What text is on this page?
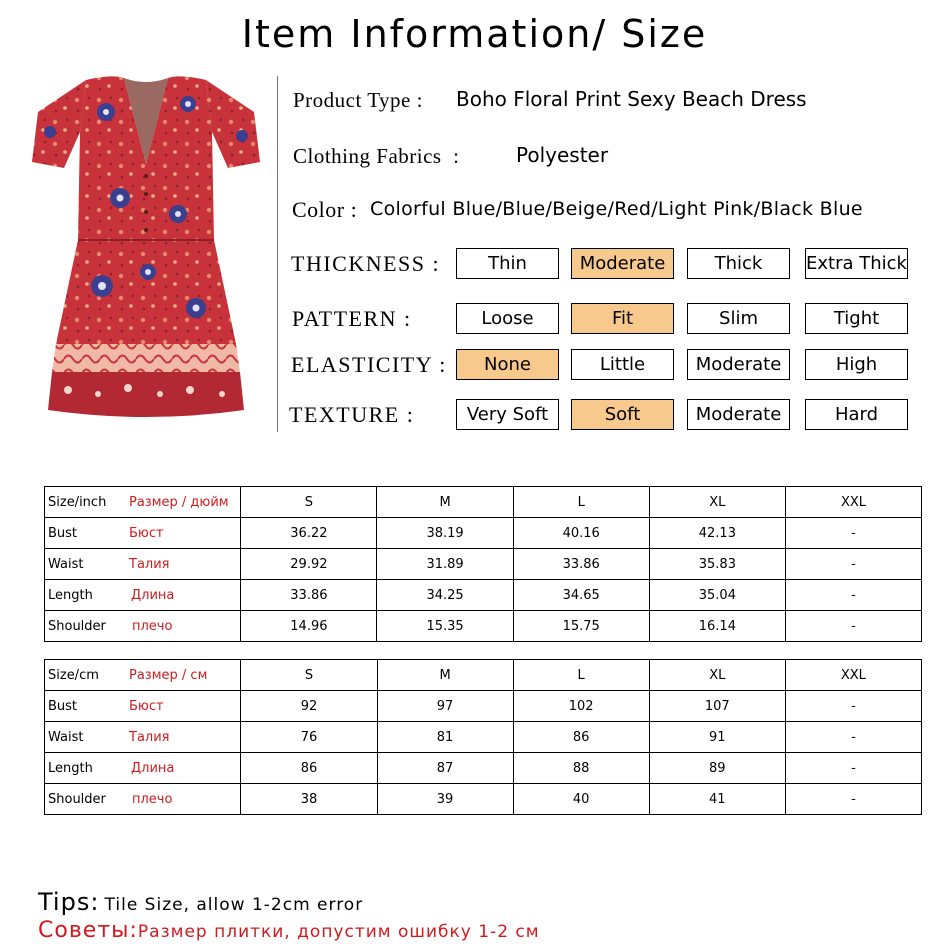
Item Information/ Size
Product Type : Boho Floral Print Sexy Beach Dress
Clothing Fabrics  :	Polyester
Color : Colorful Blue/Blue/Beige/Red/Light Pink/Black Blue
THICKNESS :	Thin	Moderate	Thick	Extra Thick
PATTERN :	Loose	Fit	Slim	Tight
ELASTICITY :	None	Little	Moderate	High
TEXTURE :	Very Soft	Soft	Moderate	Hard
Size/inch Размер / дюйм	S	M	L	XL	XXL

Bust Бюст	36.22	38.19	40.16	42.13	-

Waist Талия	29.92	31.89	33.86	35.83	-

Length Длина	33.86	34.25	34.65	35.04	-

Shoulder плечо	14.96	15.35	15.75	16.14	-
Size/cm Размер / см	S	M	L	XL	XXL

Bust Бюст	92	97	102	107	-

Waist Талия	76	81	86	91	-

Length Длина	86	87	88	89	-

Shoulder плечо	38	39	40	41	-
Tips: Tile Size, allow 1-2cm error
Советы:Размер плитки, допустим ошибку 1-2 см
